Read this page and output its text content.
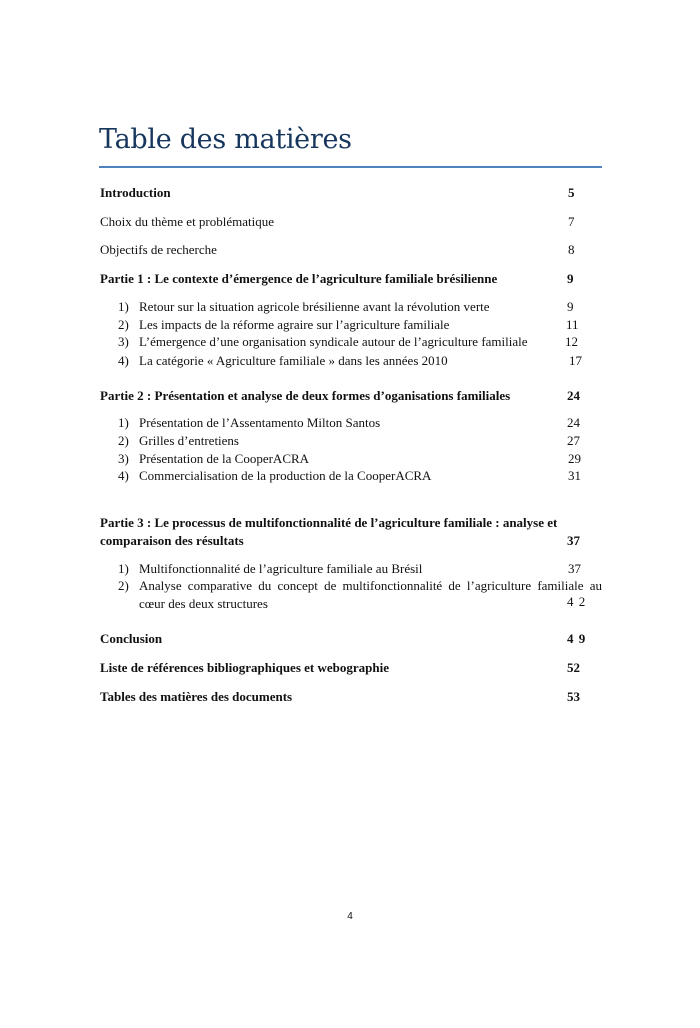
Table des matières
Introduction	5
Choix du thème et problématique	7
Objectifs de recherche	8
Partie 1 : Le contexte d’émergence de l’agriculture familiale brésilienne	9
1) Retour sur la situation agricole brésilienne avant la révolution verte	9
2) Les impacts de la réforme agraire sur l’agriculture familiale	11
3) L’émergence d’une organisation syndicale autour de l’agriculture familiale	12
4) La catégorie « Agriculture familiale » dans les années 2010	17
Partie 2 : Présentation et analyse de deux formes d’oganisations familiales	24
1) Présentation de l’Assentamento Milton Santos	24
2) Grilles d’entretiens	27
3) Présentation de la CooperACRA	29
4) Commercialisation de la production de la CooperACRA	31
Partie 3 : Le processus de multifonctionnalité de l’agriculture familiale : analyse et
comparaison des résultats	37
1) Multifonctionnalité de l’agriculture familiale au Brésil	37
2) Analyse comparative du concept de multifonctionnalité de l’agriculture familiale au
cœur des deux structures	4 2
Conclusion	4 9
Liste de références bibliographiques et webographie	52
Tables des matières des documents	53
4
